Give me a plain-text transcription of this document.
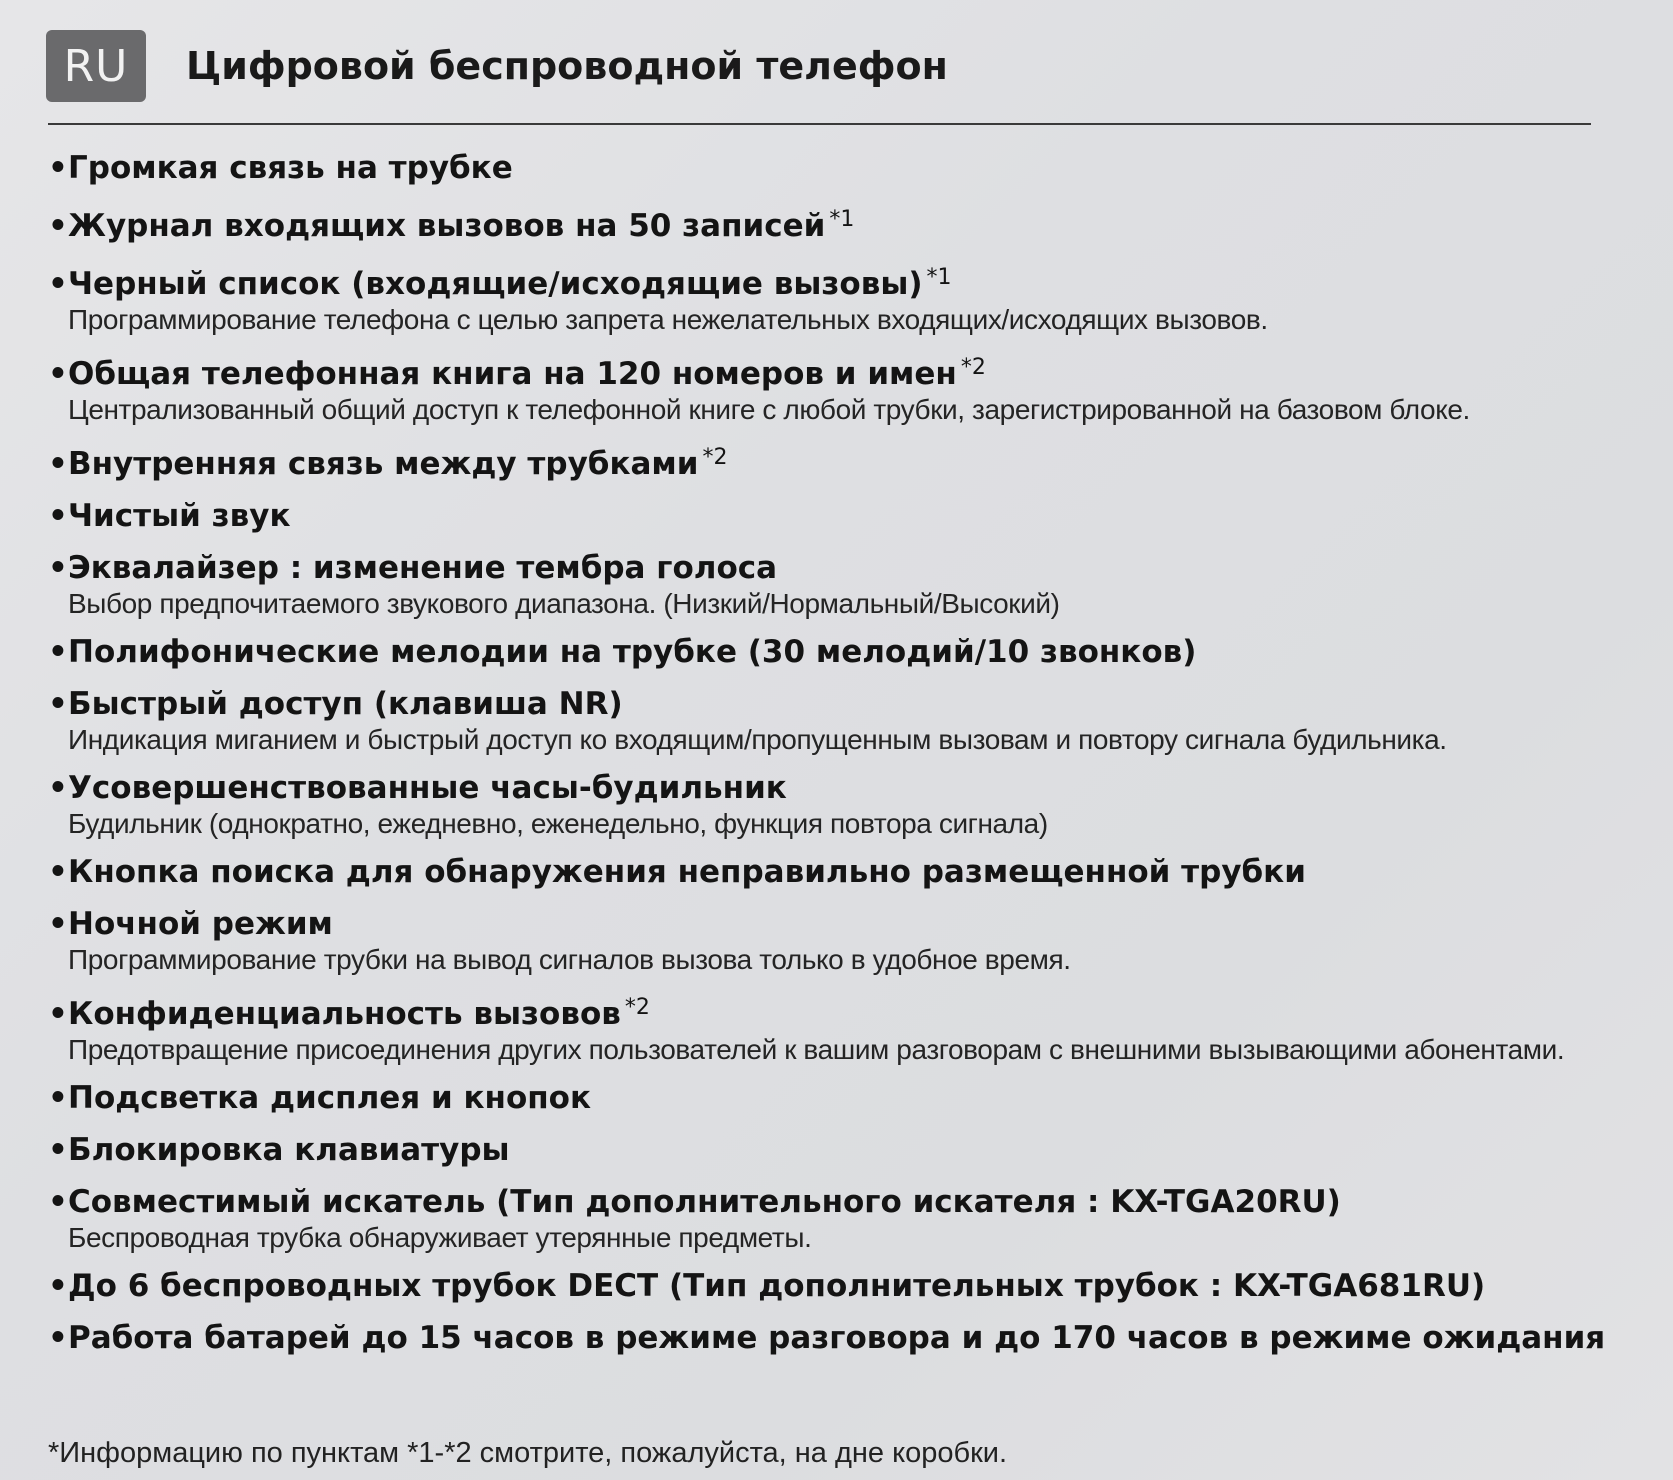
RU	Цифровой беспроводной телефон
•Громкая связь на трубке
•Журнал входящих вызовов на 50 записей $^{*1}$
•Черный список (входящие/исходящие вызовы) $^{*1}$
Программирование телефона с целью запрета нежелательных входящих/исходящих вызовов.
•Общая телефонная книга на 120 номеров и имен $^{*2}$
Централизованный общий доступ к телефонной книге с любой трубки, зарегистрированной на базовом блоке.
•Внутренняя связь между трубками $^{*2}$
•Чистый звук
•Эквалайзер : изменение тембра голоса
Выбор предпочитаемого звукового диапазона. (Низкий/Нормальный/Высокий)
•Полифонические мелодии на трубке (30 мелодий/10 звонков)
•Быстрый доступ (клавиша NR)
Индикация миганием и быстрый доступ ко входящим/пропущенным вызовам и повтору сигнала будильника.
•Усовершенствованные часы-будильник
Будильник (однократно, ежедневно, еженедельно, функция повтора сигнала)
•Кнопка поиска для обнаружения неправильно размещенной трубки
•Ночной режим
Программирование трубки на вывод сигналов вызова только в удобное время.
•Конфиденциальность вызовов $^{*2}$
Предотвращение присоединения других пользователей к вашим разговорам с внешними вызывающими абонентами.
•Подсветка дисплея и кнопок
•Блокировка клавиатуры
•Совместимый искатель (Тип дополнительного искателя : KX-TGA20RU)
Беспроводная трубка обнаруживает утерянные предметы.
•До 6 беспроводных трубок DECT (Тип дополнительных трубок : KX-TGA681RU)
•Работа батарей до 15 часов в режиме разговора и до 170 часов в режиме ожидания
*Информацию по пунктам *1-*2 смотрите, пожалуйста, на дне коробки.
